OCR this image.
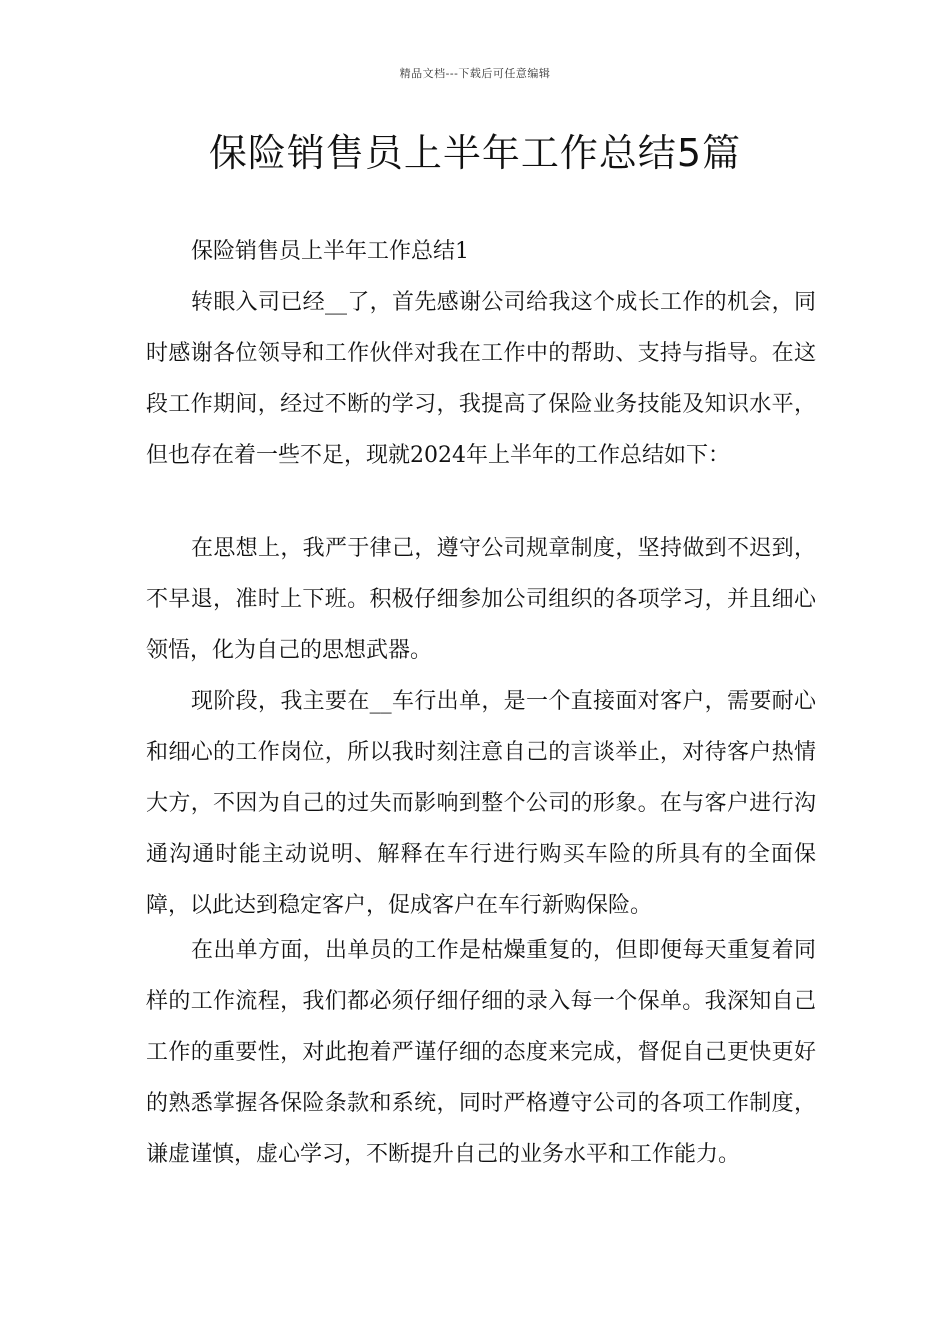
精品文档---下载后可任意编辑
保险销售员上半年工作总结5篇
保险销售员上半年工作总结1

转眼入司已经__了，首先感谢公司给我这个成长工作的机会，同时感谢各位领导和工作伙伴对我在工作中的帮助、支持与指导。在这段工作期间，经过不断的学习，我提高了保险业务技能及知识水平，但也存在着一些不足，现就2024年上半年的工作总结如下：

在思想上，我严于律己，遵守公司规章制度，坚持做到不迟到，不早退，准时上下班。积极仔细参加公司组织的各项学习，并且细心领悟，化为自己的思想武器。

现阶段，我主要在__车行出单，是一个直接面对客户，需要耐心和细心的工作岗位，所以我时刻注意自己的言谈举止，对待客户热情大方，不因为自己的过失而影响到整个公司的形象。在与客户进行沟通沟通时能主动说明、解释在车行进行购买车险的所具有的全面保障，以此达到稳定客户，促成客户在车行新购保险。

在出单方面，出单员的工作是枯燥重复的，但即便每天重复着同样的工作流程，我们都必须仔细仔细的录入每一个保单。我深知自己工作的重要性，对此抱着严谨仔细的态度来完成，督促自己更快更好的熟悉掌握各保险条款和系统，同时严格遵守公司的各项工作制度，谦虚谨慎，虚心学习，不断提升自己的业务水平和工作能力。
